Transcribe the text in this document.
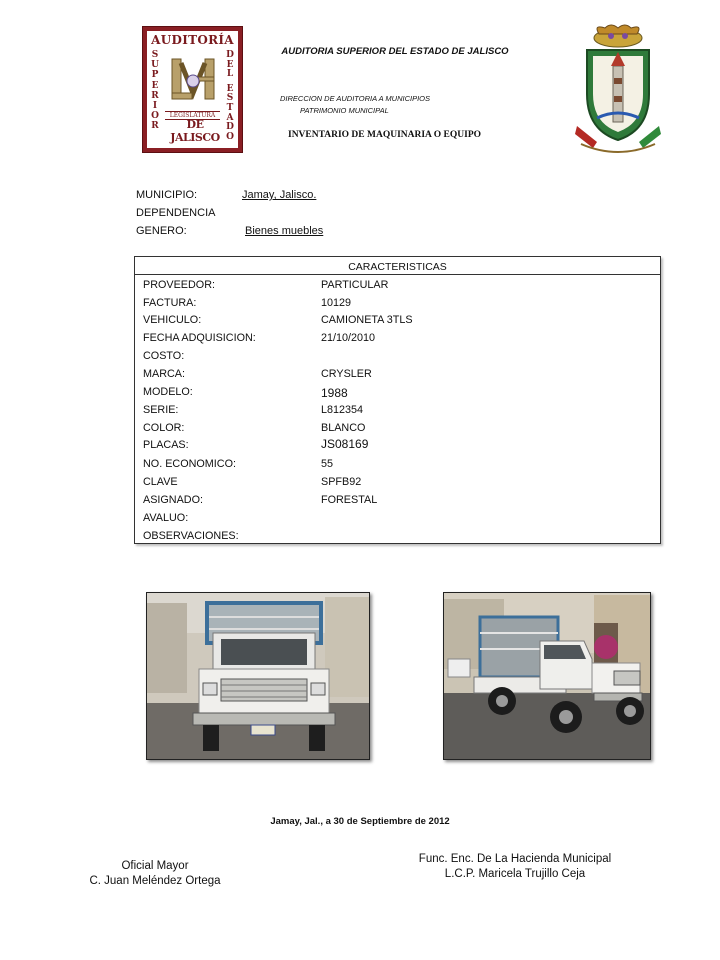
AUDITORÍA
S
U
P
E
R
I
O
R
D
E
L
E
S
T
A
D
O
LEGISLATURA
DE JALISCO
AUDITORIA SUPERIOR DEL ESTADO DE JALISCO
DIRECCION DE AUDITORIA A MUNICIPIOS
PATRIMONIO MUNICIPAL
INVENTARIO DE MAQUINARIA O EQUIPO
MUNICIPIO:	Jamay, Jalisco.
DEPENDENCIA
GENERO:	Bienes muebles
CARACTERISTICAS
PROVEEDOR:	PARTICULAR
FACTURA:	10129
VEHICULO:	CAMIONETA 3TLS
FECHA ADQUISICION:	21/10/2010
COSTO:
MARCA:	CRYSLER
MODELO:	1988
SERIE:	L812354
COLOR:	BLANCO
PLACAS:	JS08169
NO. ECONOMICO:	55
CLAVE	SPFB92
ASIGNADO:	FORESTAL
AVALUO:
OBSERVACIONES:
Jamay, Jal., a 30 de Septiembre de 2012
Oficial Mayor
C. Juan Meléndez Ortega
Func. Enc. De La Hacienda Municipal
L.C.P. Maricela Trujillo Ceja
